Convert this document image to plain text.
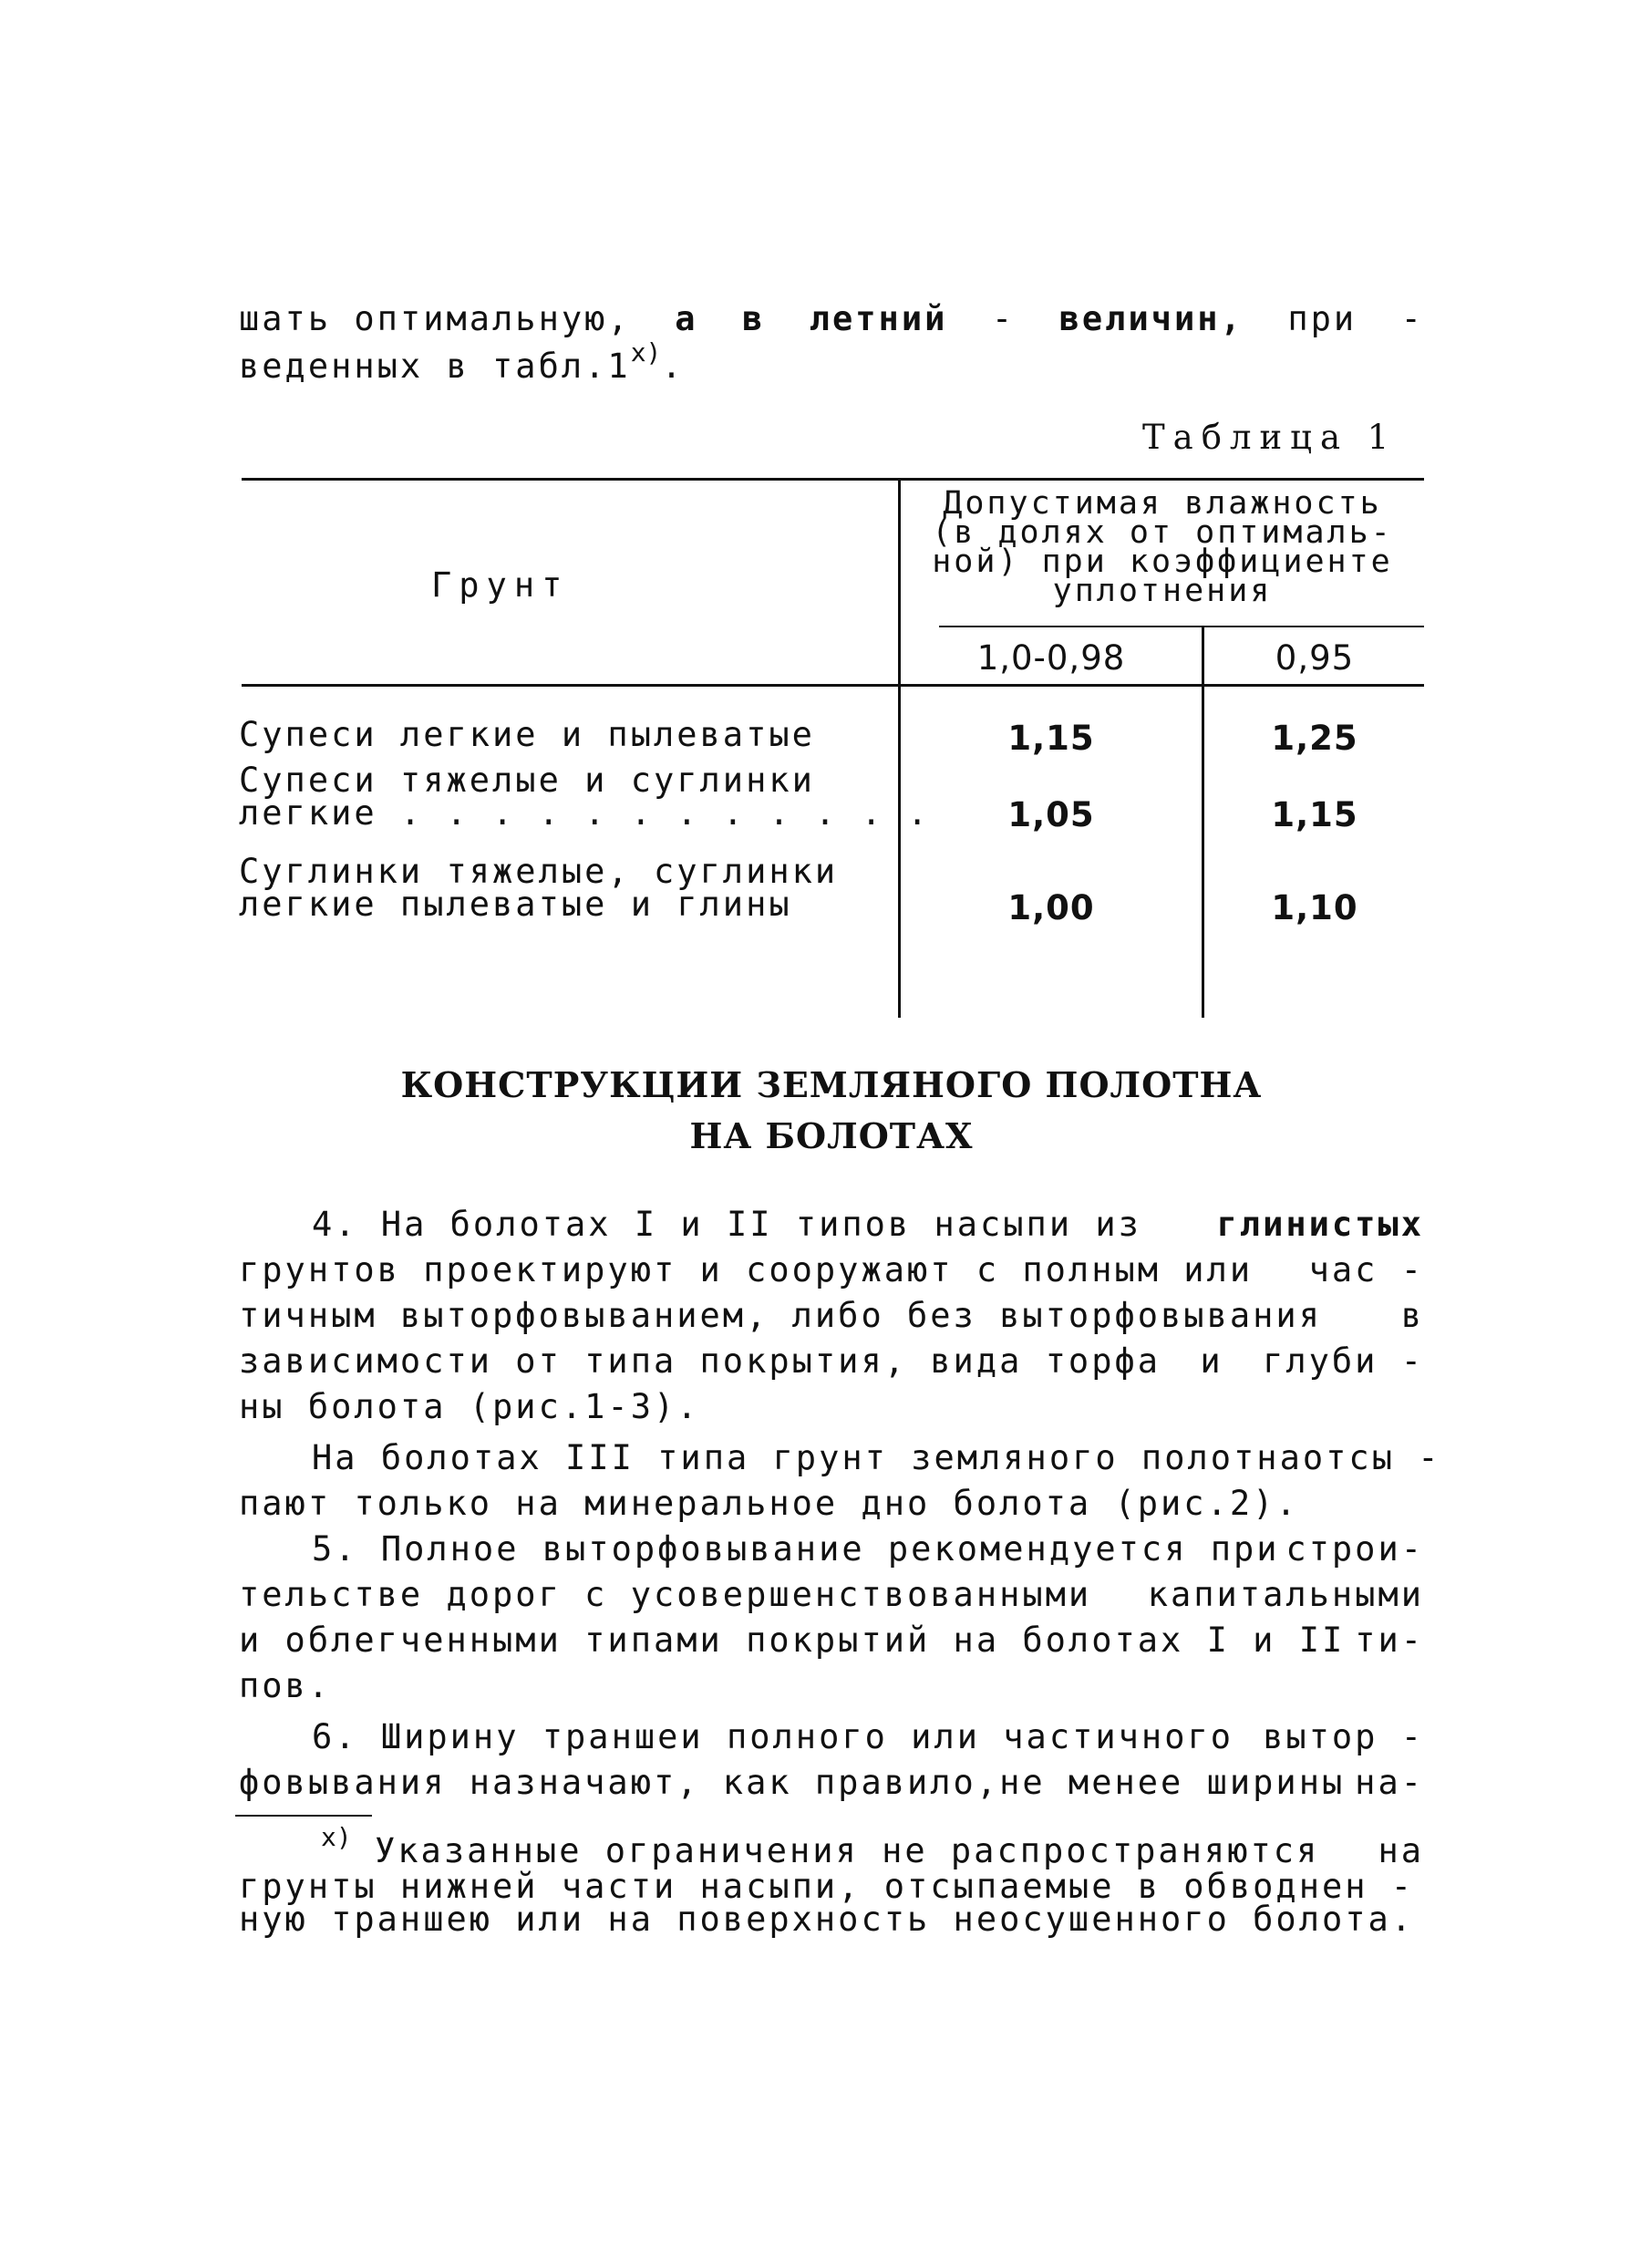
шать оптимальную, а в летний - величин, при -
веденных в табл.1$^{x)}$.
Таблица 1
Грунт
Допустимая влажность
(в долях от оптималь-
ной) при коэффициенте
уплотнения
1,0-0,98	0,95
Супеси легкие и пылеватые	1,15	1,25
Супеси тяжелые и суглинки
легкие . . . . . . . . . . . .	1,05	1,15
Суглинки тяжелые, суглинки
легкие пылеватые и глины	1,00	1,10
КОНСТРУКЦИИ ЗЕМЛЯНОГО ПОЛОТНА
НА БОЛОТАХ
4. На болотах I и II типов насыпи из глинистых
грунтов проектируют и сооружают с полным или час -
тичным выторфовыванием, либо без выторфовывания в
зависимости от типа покрытия, вида торфа и глуби -
ны болота (рис.1-3).
На болотах III типа грунт земляного полотна отсы -
пают только на минеральное дно болота (рис.2).
5. Полное выторфовывание рекомендуется при строи-
тельстве дорог с усовершенствованными капитальными
и облегченными типами покрытий на болотах I и II ти-
пов.
6. Ширину траншеи полного или частичного вытор -
фовывания назначают, как правило,не менее ширины на-
$^{x)}$ Указанные ограничения не распространяются на
грунты нижней части насыпи, отсыпаемые в обводнен -
ную траншею или на поверхность неосушенного болота.
